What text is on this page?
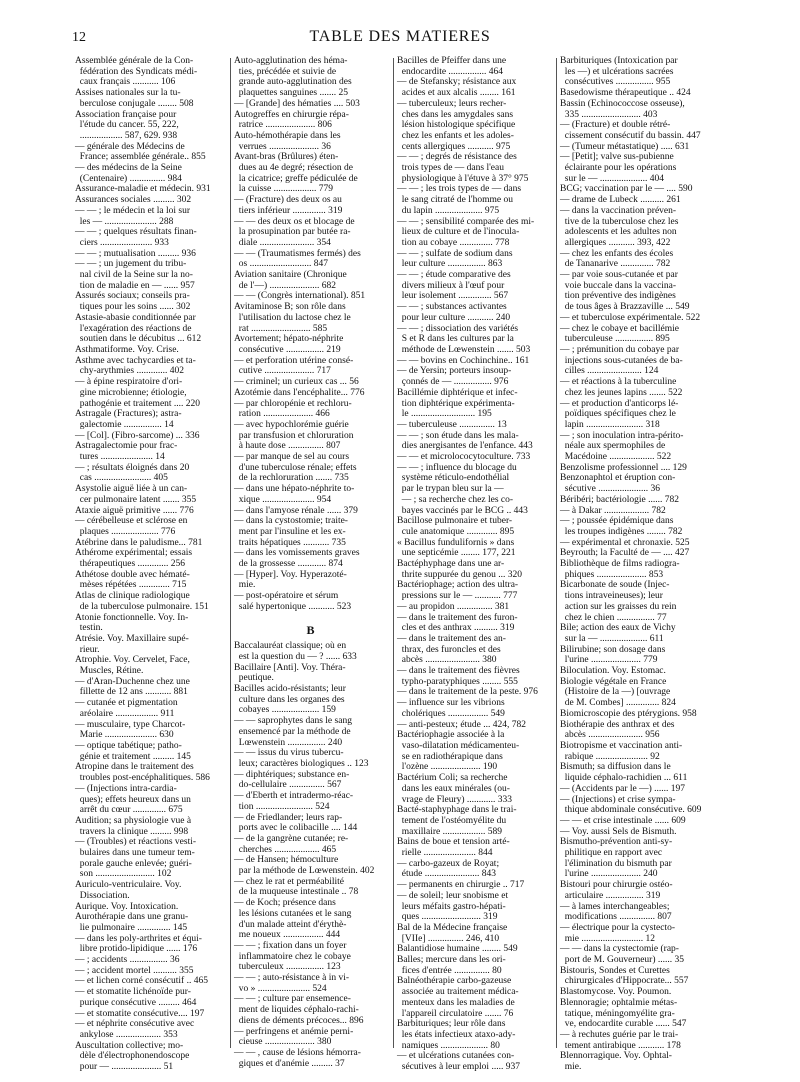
12	TABLE DES MATIERES
Assemblée générale de la Con-
fédération des Syndicats médi-
caux français ........... 106
Assises nationales sur la tu-
berculose conjugale ........ 508
Association française pour
l'étude du cancer. 55, 222,
.................. 587, 629. 938
— générale des Médecins de
France; assemblée générale.. 855
— des médecins de la Seine
(Centenaire) ............... 984
Assurance-maladie et médecin. 931
Assurances sociales ......... 302
— — ; le médecin et la loi sur
les — ...................... 288
— — ; quelques résultats finan-
ciers ...................... 933
— — ; mutualisation ......... 936
— — ; un jugement du tribu-
nal civil de la Seine sur la no-
tion de maladie en — ...... 957
Assurés sociaux; conseils pra-
tiques pour les soins ...... 302
Astasie-abasie conditionnée par
l'exagération des réactions de
soutien dans le décubitus ... 612
Asthmatiforme. Voy. Crise.
Asthme avec tachycardies et ta-
chy-arythmies ............. 402
— à épine respiratoire d'ori-
gine microbienne; étiologie,
pathogénie et traitement .... 220
Astragale (Fractures); astra-
galectomie ................ 14
— [Col]. (Fibro-sarcome) ... 336
Astragalectomie pour frac-
tures ...................... 14
— ; résultats éloignés dans 20
cas ........................ 405
Asystolie aiguë liée à un can-
cer pulmonaire latent ....... 355
Ataxie aiguë primitive ...... 776
— cérébelleuse et sclérose en
plaques .................... 776
Atébrine dans le paludisme... 781
Athérome expérimental; essais
thérapeutiques ............. 256
Athétose double avec hématé-
mèses répétées ............. 715
Atlas de clinique radiologique
de la tuberculose pulmonaire. 151
Atonie fonctionnelle. Voy. In-
testin.
Atrésie. Voy. Maxillaire supé-
rieur.
Atrophie. Voy. Cervelet, Face,
Muscles, Rétine.
— d'Aran-Duchenne chez une
fillette de 12 ans ........... 881
— cutanée et pigmentation
aréolaire .................. 911
— musculaire, type Charcot-
Marie ...................... 630
— optique tabétique; patho-
génie et traitement ......... 145
Atropine dans le traitement des
troubles post-encéphalitiques. 586
— (Injections intra-cardia-
ques); effets heureux dans un
arrêt du cœur .............. 675
Audition; sa physiologie vue à
travers la clinique ......... 998
— (Troubles) et réactions vesti-
bulaires dans une tumeur tem-
porale gauche enlevée; guéri-
son ......................... 102
Auriculo-ventriculaire. Voy.
Dissociation.
Aurique. Voy. Intoxication.
Aurothérapie dans une granu-
lie pulmonaire .............. 145
— dans les poly-arthrites et équi-
libre protido-lipidique ...... 176
— ; accidents ................ 36
— ; accident mortel .......... 355
— et lichen corné consécutif .. 465
— et stomatite lichénoïde pur-
purique consécutive ......... 464
— et stomatite consécutive.... 197
— et néphrite consécutive avec
ankylose ................... 353
Auscultation collective; mo-
dèle d'électrophonendoscope
pour — ..................... 51
Auto-agglutination des héma-
ties, précédée et suivie de
grande auto-agglutination des
plaquettes sanguines ....... 25
— [Grande] des hématies .... 503
Autogreffes en chirurgie répa-
ratrice ..................... 806
Auto-hémothérapie dans les
verrues ..................... 36
Avant-bras (Brûlures) éten-
dues au 4e degré; résection de
la cicatrice; greffe pédiculée de
la cuisse .................. 779
— (Fracture) des deux os au
tiers inférieur .............. 319
— — des deux os et blocage de
la prosupination par butée ra-
diale ....................... 354
— — (Traumatismes fermés) des
os .......................... 847
Aviation sanitaire (Chronique
de l'—) ..................... 682
— — (Congrès international). 851
Avitaminose B; son rôle dans
l'utilisation du lactose chez le
rat ......................... 585
Avortement; hépato-néphrite
consécutive ................ 219
— et perforation utérine consé-
cutive ..................... 717
— criminel; un curieux cas ... 56
Azotémie dans l'encéphalite... 776
— par chloropénie et rechloru-
ration ..................... 466
— avec hypochlorémie guérie
par transfusion et chloruration
à haute dose ............... 807
— par manque de sel au cours
d'une tuberculose rénale; effets
de la rechloruration ....... 735
— dans une hépato-néphrite to-
xique ...................... 954
— dans l'amyose rénale ...... 379
— dans la cystostomie; traite-
ment par l'insuline et les ex-
traits hépatiques ........... 735
— dans les vomissements graves
de la grossesse ............ 874
— [Hyper]. Voy. Hyperazoté-
mie.
— post-opératoire et sérum
salé hypertonique ........... 523
B
Baccalauréat classique; où en
est la question du — ? ...... 633
Bacillaire [Anti]. Voy. Théra-
peutique.
Bacilles acido-résistants; leur
culture dans les organes des
cobayes .................... 159
— — saprophytes dans le sang
ensemencé par la méthode de
Lœwenstein ................ 240
— — issus du virus tubercu-
leux; caractères biologiques .. 123
— diphtériques; substance en-
do-cellulaire ............... 567
— d'Eberth et intradermo-réac-
tion ........................ 524
— de Friedlander; leurs rap-
ports avec le colibacille .... 144
— de la gangrène cutanée; re-
cherches ................... 465
— de Hansen; hémoculture
par la méthode de Lœwenstein. 402
— chez le rat et perméabilité
de la muqueuse intestinale .. 78
— de Koch; présence dans
les lésions cutanées et le sang
d'un malade atteint d'érythè-
me noueux ................. 444
— — ; fixation dans un foyer
inflammatoire chez le cobaye
tuberculeux ................ 123
— — ; auto-résistance à in vi-
vo » ...................... 524
— — ; culture par ensemence-
ment de liquides céphalo-rachi-
diens de déments précoces... 896
— perfringens et anémie perni-
cieuse ..................... 380
— — , cause de lésions hémorra-
giques et d'anémie ......... 37
Bacilles de Pfeiffer dans une
endocardite ................ 464
— de Stefansky; résistance aux
acides et aux alcalis ........ 161
— tuberculeux; leurs recher-
ches dans les amygdales sans
lésion histologique spécifique
chez les enfants et les adoles-
cents allergiques ........... 975
— — ; degrés de résistance des
trois types de — dans l'eau
physiologique à l'étuve à 37° 975
— — ; les trois types de — dans
le sang citraté de l'homme ou
du lapin .................... 975
— — ; sensibilité comparée des mi-
lieux de culture et de l'inocula-
tion au cobaye .............. 778
— — ; sulfate de sodium dans
leur culture ................ 863
— — ; étude comparative des
divers milieux à l'œuf pour
leur isolement .............. 567
— — ; substances activantes
pour leur culture ........... 240
— — ; dissociation des variétés
S et R dans les cultures par la
méthode de Lœwenstein ....... 503
— — bovins en Cochinchine.. 161
— de Yersin; porteurs insoup-
çonnés de — ................ 976
Bacillémie diphtérique et infec-
tion diphtérique expérimenta-
le ........................... 195
— tuberculeuse ............... 13
— — ; son étude dans les mala-
dies anergisantes de l'enfance. 443
— — et microlococytoculture. 733
— — ; influence du blocage du
système réticulo-endothélial
par le trypan bleu sur la —
— ; sa recherche chez les co-
bayes vaccinés par le BCG .. 443
Bacillose pulmonaire et tuber-
cule anatomique ............. 895
« Bacillus fundulifornis » dans
une septicémie ........ 177, 221
Bactéphyphage dans une ar-
thrite suppurée du genou ... 320
Bactériophage; action des ultra-
pressions sur le — ........... 777
— au propidon ............... 381
— dans le traitement des furon-
cles et des anthrax .......... 319
— dans le traitement des an-
thrax, des furoncles et des
abcès ....................... 380
— dans le traitement des fièvres
typho-paratyphiques ........ 555
— dans le traitement de la peste. 976
— influence sur les vibrions
cholériques ................. 549
— anti-pesteux; étude ... 424, 782
Bactériophagie associée à la
vaso-dilatation médicamenteu-
se en radiothérapique dans
l'ozène ..................... 190
Bactérium Coli; sa recherche
dans les eaux minérales (ou-
vrage de Fleury) ............ 333
Bacté-staphyphage dans le trai-
tement de l'ostéomyélite du
maxillaire .................. 589
Bains de boue et tension arté-
rielle ...................... 844
— carbo-gazeux de Royat;
étude ....................... 843
— permanents en chirurgie .. 717
— de soleil; leur snobisme et
leurs méfaits gastro-hépati-
ques ......................... 319
Bal de la Médecine française
[VIIe] ............... 246, 410
Balantidiose humaine ........ 549
Balles; mercure dans les ori-
fices d'entrée ............... 80
Balnéothérapie carbo-gazeuse
associée au traitement médica-
menteux dans les maladies de
l'appareil circulatoire ....... 76
Barbituriques; leur rôle dans
les états infectieux ataxo-ady-
namiques .................... 80
— et ulcérations cutanées con-
sécutives à leur emploi ..... 937
Barbituriques (Intoxication par
les —) et ulcérations sacrées
consécutives ................ 955
Basedowisme thérapeutique .. 424
Bassin (Echinococcose osseuse),
335 ......................... 403
— (Fracture) et double rétré-
cissement consécutif du bassin. 447
— (Tumeur métastatique) ..... 631
— [Petit]; valve sus-pubienne
éclairante pour les opérations
sur le — .................... 404
BCG; vaccination par le — .... 590
— drame de Lubeck .......... 261
— dans la vaccination préven-
tive de la tuberculose chez les
adolescents et les adultes non
allergiques ........... 393, 422
— chez les enfants des écoles
de Tananarive .............. 782
— par voie sous-cutanée et par
voie buccale dans la vaccina-
tion préventive des indigènes
de tous âges à Brazzaville ... 549
— et tuberculose expérimentale. 522
— chez le cobaye et bacillémie
tuberculeuse ................ 895
— ; prémunition du cobaye par
injections sous-cutanées de ba-
cilles ....................... 124
— et réactions à la tuberculine
chez les jeunes lapins ....... 522
— et production d'anticorps lé-
poïdiques spécifiques chez le
lapin ........................ 318
— ; son inoculation intra-périto-
néale aux spermophiles de
Macédoine ................... 522
Benzolisme professionnel .... 129
Benzonaphtol et éruption con-
sécutive ..................... 36
Béribéri; bactériologie ...... 782
— à Dakar ................... 782
— ; poussée épidémique dans
les troupes indigènes ........ 782
— expérimental et chronaxie. 525
Beyrouth; la Faculté de — .... 427
Bibliothèque de films radiogra-
phiques ..................... 853
Bicarbonate de soude (Injec-
tions intraveineuses); leur
action sur les graisses du rein
chez le chien ................ 77
Bile; action des eaux de Vichy
sur la — .................... 611
Bilirubine; son dosage dans
l'urine ..................... 779
Biloculation. Voy. Estomac.
Biologie végétale en France
(Histoire de la —) [ouvrage
de M. Combes] .............. 824
Biomicroscopie des ptérygions. 958
Biothérapie des anthrax et des
abcès ....................... 956
Biotropisme et vaccination anti-
rabique ...................... 92
Bismuth; sa diffusion dans le
liquide céphalo-rachidien ... 611
— (Accidents par le —) ...... 197
— (Injections) et crise sympa-
thique abdominale consécutive. 609
— — et crise intestinale ...... 609
— Voy. aussi Sels de Bismuth.
Bismutho-prévention anti-sy-
philitique en rapport avec
l'élimination du bismuth par
l'urine ..................... 240
Bistouri pour chirurgie ostéo-
articulaire ................ 319
— à lames interchangeables;
modifications ............... 807
— électrique pour la cystecto-
mie .......................... 12
— — dans la cystectomie (rap-
port de M. Gouverneur) ...... 35
Bistouris, Sondes et Curettes
chirurgicales d'Hippocrate... 557
Blastomycose. Voy. Poumon.
Blennoragie; ophtalmie métas-
tatique, méningomyélite gra-
ve, endocardite curable ...... 547
— à rechutes guérie par le trai-
tement antirabique ........... 178
Blennorragique. Voy. Ophtal-
mie.
